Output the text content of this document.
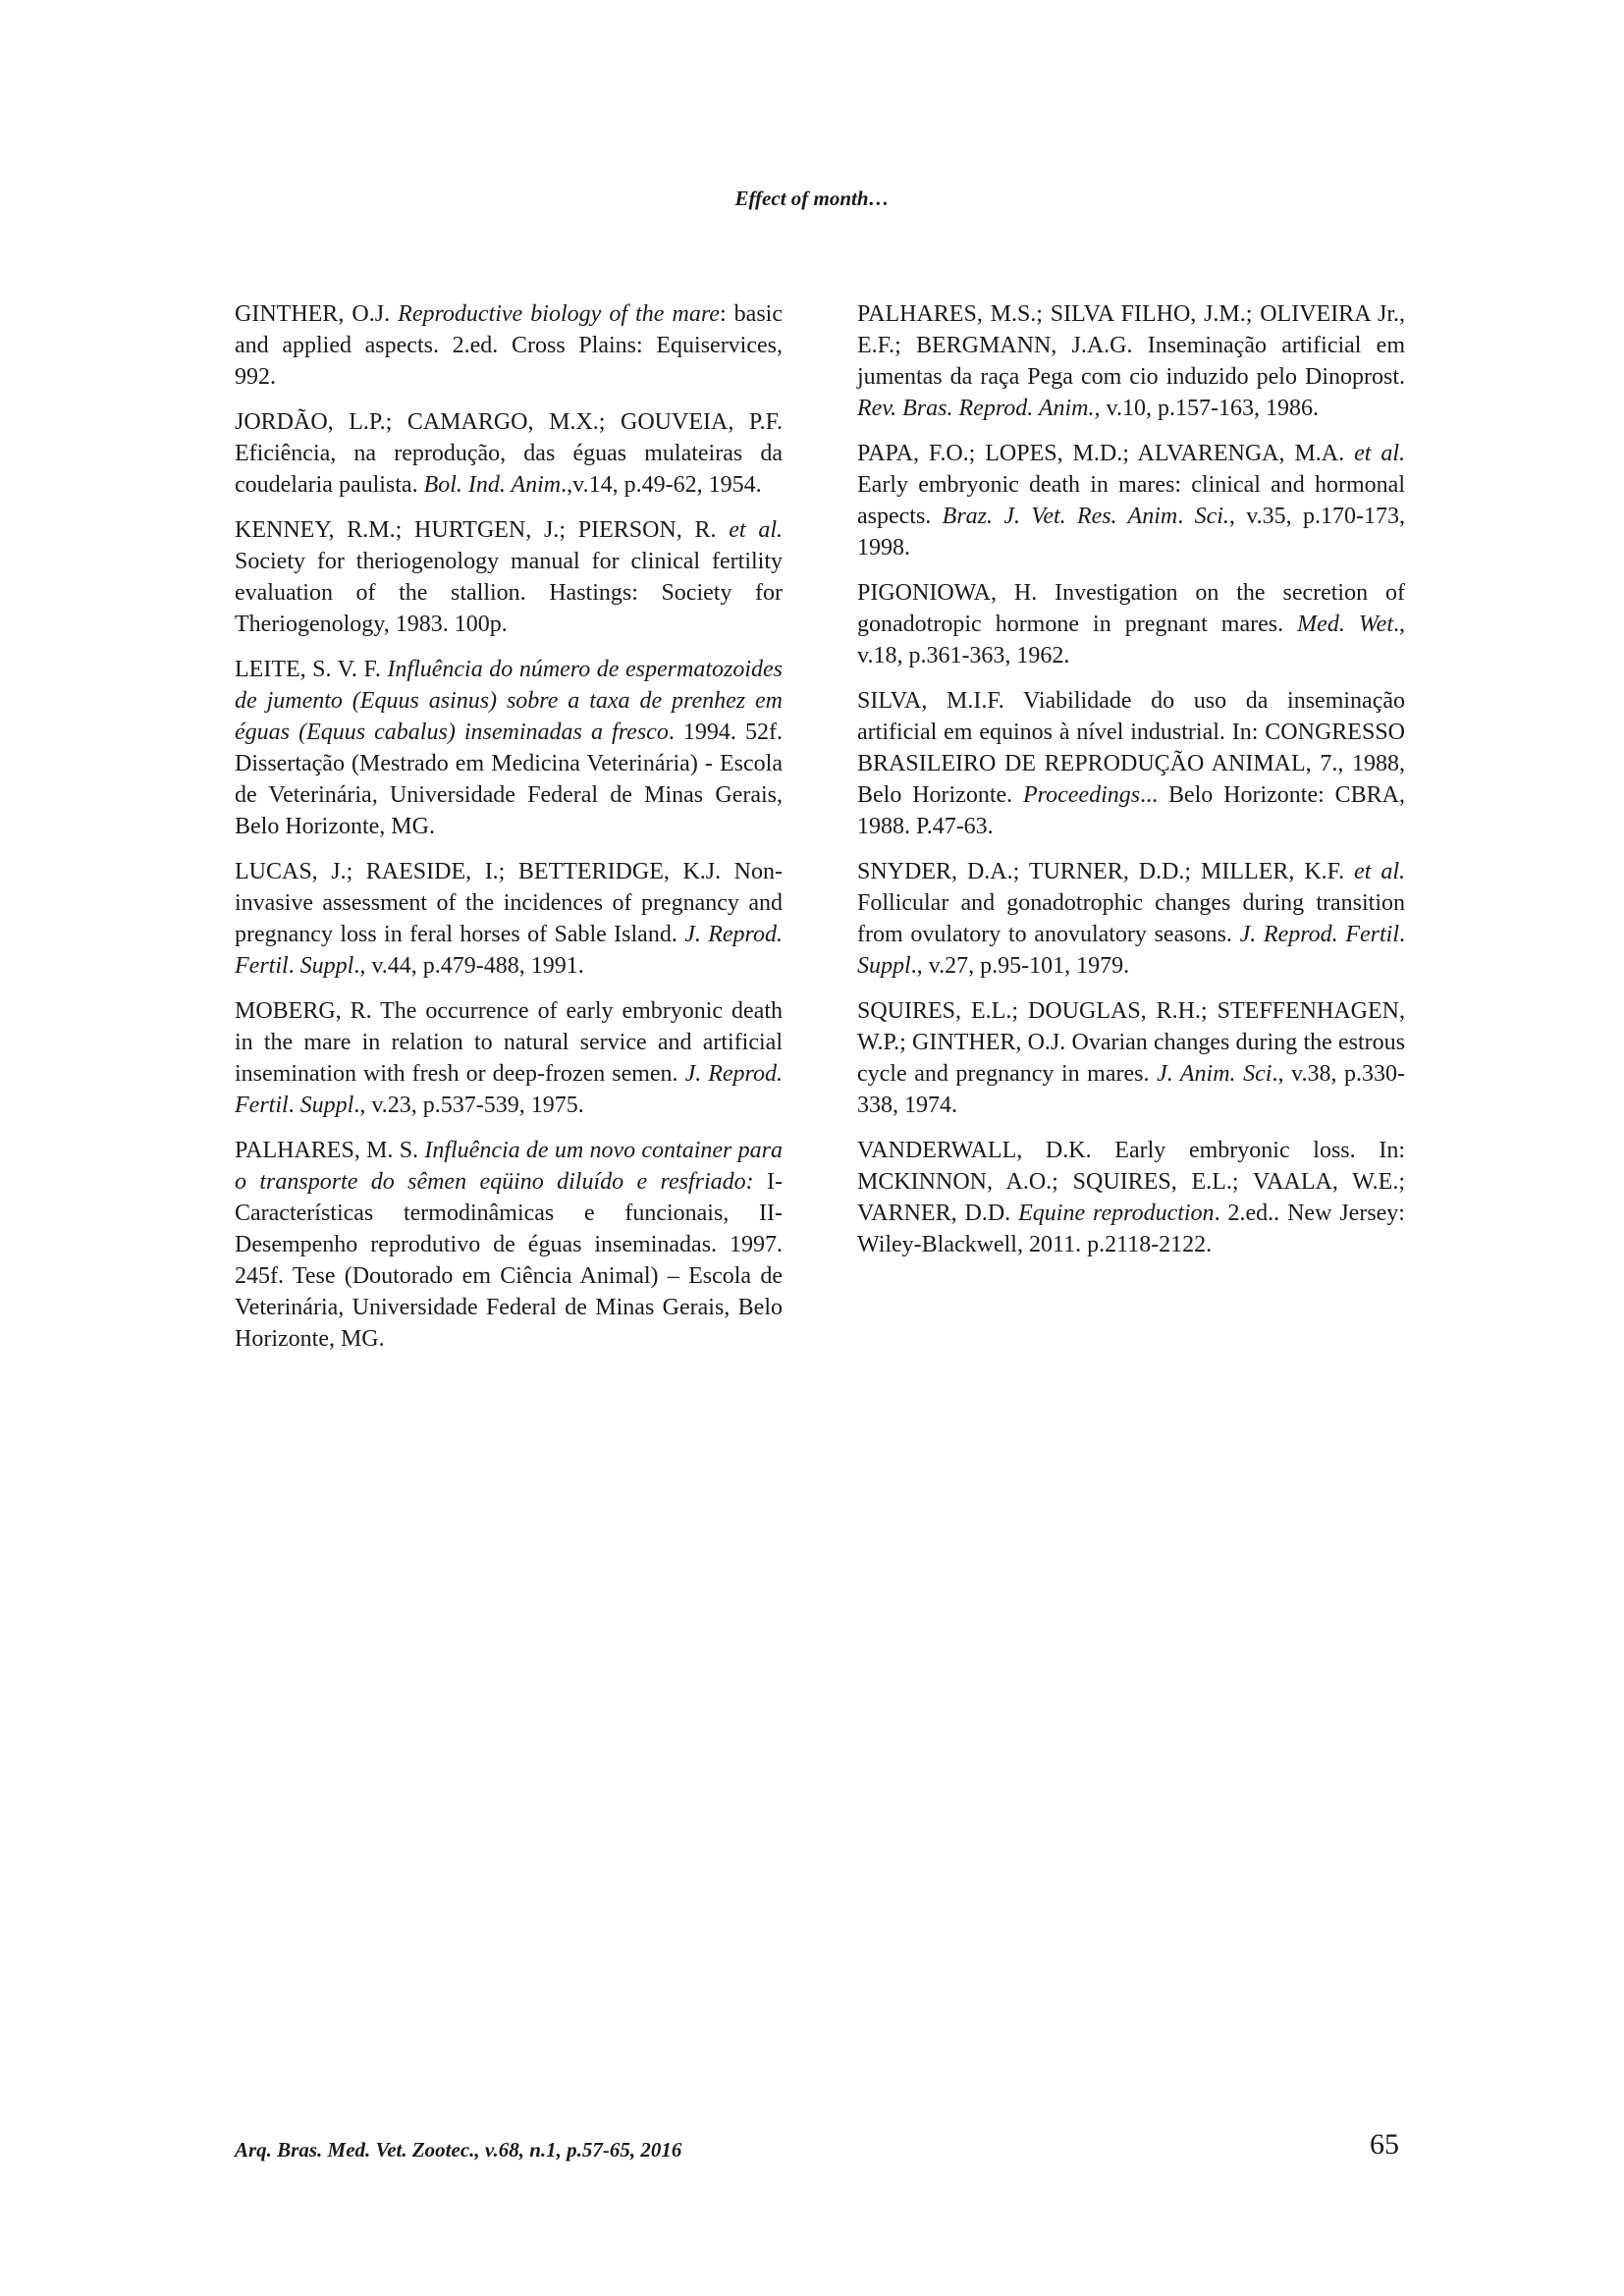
Effect of month…

GINTHER, O.J. Reproductive biology of the mare: basic and applied aspects. 2.ed. Cross Plains: Equiservices, 992.

JORDÃO, L.P.; CAMARGO, M.X.; GOUVEIA, P.F. Eficiência, na reprodução, das éguas mulateiras da coudelaria paulista. Bol. Ind. Anim.,v.14, p.49-62, 1954.

KENNEY, R.M.; HURTGEN, J.; PIERSON, R. et al. Society for theriogenology manual for clinical fertility evaluation of the stallion. Hastings: Society for Theriogenology, 1983. 100p.

LEITE, S. V. F. Influência do número de espermatozoides de jumento (Equus asinus) sobre a taxa de prenhez em éguas (Equus cabalus) inseminadas a fresco. 1994. 52f. Dissertação (Mestrado em Medicina Veterinária) - Escola de Veterinária, Universidade Federal de Minas Gerais, Belo Horizonte, MG.

LUCAS, J.; RAESIDE, I.; BETTERIDGE, K.J. Non-invasive assessment of the incidences of pregnancy and pregnancy loss in feral horses of Sable Island. J. Reprod. Fertil. Suppl., v.44, p.479-488, 1991.

MOBERG, R. The occurrence of early embryonic death in the mare in relation to natural service and artificial insemination with fresh or deep-frozen semen. J. Reprod. Fertil. Suppl., v.23, p.537-539, 1975.

PALHARES, M. S. Influência de um novo container para o transporte do sêmen eqüino diluído e resfriado: I-Características termodinâmicas e funcionais, II-Desempenho reprodutivo de éguas inseminadas. 1997. 245f. Tese (Doutorado em Ciência Animal) – Escola de Veterinária, Universidade Federal de Minas Gerais, Belo Horizonte, MG.

PALHARES, M.S.; SILVA FILHO, J.M.; OLIVEIRA Jr., E.F.; BERGMANN, J.A.G. Inseminação artificial em jumentas da raça Pega com cio induzido pelo Dinoprost. Rev. Bras. Reprod. Anim., v.10, p.157-163, 1986.

PAPA, F.O.; LOPES, M.D.; ALVARENGA, M.A. et al. Early embryonic death in mares: clinical and hormonal aspects. Braz. J. Vet. Res. Anim. Sci., v.35, p.170-173, 1998.

PIGONIOWA, H. Investigation on the secretion of gonadotropic hormone in pregnant mares. Med. Wet., v.18, p.361-363, 1962.

SILVA, M.I.F. Viabilidade do uso da inseminação artificial em equinos à nível industrial. In: CONGRESSO BRASILEIRO DE REPRODUÇÃO ANIMAL, 7., 1988, Belo Horizonte. Proceedings... Belo Horizonte: CBRA, 1988. P.47-63.

SNYDER, D.A.; TURNER, D.D.; MILLER, K.F. et al. Follicular and gonadotrophic changes during transition from ovulatory to anovulatory seasons. J. Reprod. Fertil. Suppl., v.27, p.95-101, 1979.

SQUIRES, E.L.; DOUGLAS, R.H.; STEFFENHAGEN, W.P.; GINTHER, O.J. Ovarian changes during the estrous cycle and pregnancy in mares. J. Anim. Sci., v.38, p.330-338, 1974.

VANDERWALL, D.K. Early embryonic loss. In: MCKINNON, A.O.; SQUIRES, E.L.; VAALA, W.E.; VARNER, D.D. Equine reproduction. 2.ed.. New Jersey: Wiley-Blackwell, 2011. p.2118-2122.

Arq. Bras. Med. Vet. Zootec., v.68, n.1, p.57-65, 2016	65
